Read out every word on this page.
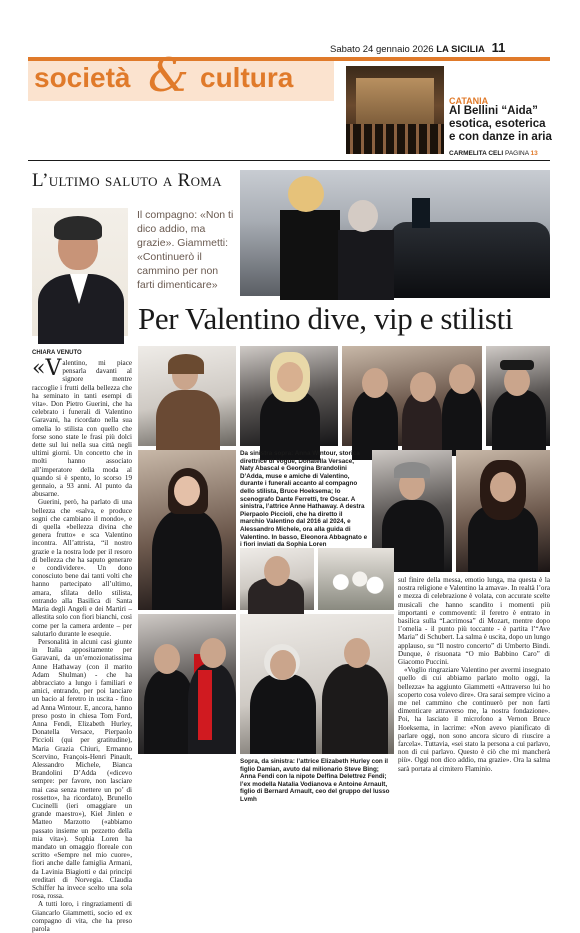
Sabato 24 gennaio 2026 LA SICILIA 11
società & cultura
CATANIA
Al Bellini “Aida” esotica, esoterica e con danze in aria
CARMELITA CELI PAGINA 13
L’ultimo saluto a Roma
Il compagno: «Non ti dico addio, ma grazie». Giammetti: «Continuerò il cammino per non farti dimenticare»
Per Valentino dive, vip e stilisti
CHIARA VENUTO

«Valentino, mi piace pensarla davanti al signore mentre raccoglie i frutti della bellezza che ha seminato in tanti esempi di vita». Don Pietro Guerini, che ha celebrato i funerali di Valentino Garavani, ha ricordato nella sua omelia lo stilista con quello che forse sono state le frasi più dolci dette sul lui nella sua città negli ultimi giorni. Un concetto che in molti hanno associato all’imperatore della moda al quando si è spento, lo scorso 19 gennaio, a 93 anni. Al punto da abusarne.

Guerini, però, ha parlato di una bellezza che «salva, e produce sogni che cambiano il mondo», e di quella «bellezza divina che genera frutto» e sca Valentino incontra. All’attrista, “il nostro grazie e la nostra lode per il resoro di bellezza che ha saputo generare e condividere». Un dono conosciuto bene dai tanti volti che hanno partecipato all’ultimo, amara, sfilata dello stilista, entrando alla Basilica di Santa Maria degli Angeli e dei Martiri – allestita solo con fiori bianchi, così come per la camera ardente – per salutarlo durante le esequie.

Personalità in alcuni casi giunte in Italia appositamente per Garavani, da un’emozionatissima Anne Hathaway (con il marito Adam Shulman) - che ha abbracciato a lungo i familiari e amici, entrando, per poi lanciare un bacio al feretro in uscita - fino ad Anna Wintour. E, ancora, hanno preso posto in chiesa Tom Ford, Anna Fendi, Elizabeth Hurley, Donatella Versace, Pierpaolo Piccioli (qui per gratitudine), Maria Grazia Chiuri, Ermanno Scervino, François-Henri Pinault, Alessandro Michele, Bianca Brandolini D’Adda («dicevo sempre: per favore, non lasciare mai casa senza mettere un po’ di rossetto», ha ricordato), Brunello Cucinelli (ieri omaggiare un grande maestro»), Kiel Jinlen e Matteo Marzotto («abbiamo passato insieme un pezzetto della mia vita»). Sophia Loren ha mandato un omaggio floreale con scritto «Sempre nel mio cuore», fiori anche dalle famiglia Armani, da Lavinia Biagiotti e dai principi ereditari di Norvegia. Claudia Schiffer ha invece scelto una sola rosa, rossa.

A tutti loro, i ringraziamenti di Giancarlo Giammetti, socio ed ex compagno di vita, che ha preso parola

Da sinistra sopra: Anna Wintour, storica direttrice di Vogue, Donatella Versace, Naty Abascal e Georgina Brandolini D’Adda, muse e amiche di Valentino, durante i funerali accanto al compagno dello stilista, Bruce Hoeksema; lo scenografo Dante Ferretti, tre Oscar. A sinistra, l’attrice Anne Hathaway. A destra Pierpaolo Piccioli, che ha diretto il marchio Valentino dal 2016 al 2024, e Alessandro Michele, ora alla guida di Valentino. In basso, Eleonora Abbagnato e i fiori inviati da Sophia Loren
Sopra, da sinistra: l’attrice Elizabeth Hurley con il figlio Damian, avuto dal milionario Steve Bing; Anna Fendi con la nipote Delfina Delettrez Fendi; l’ex modella Natalia Vodianova e Antoine Arnault, figlio di Bernard Arnault, ceo del gruppo del lusso Lvmh

sul finire della messa, emotio lunga, ma questa è la nostra religione e Valentino la amava». In realtà l’ora e mezza di celebrazione è volata, con accurate scelte musicali che hanno scandito i momenti più importanti e commoventi: il feretro è entrato in basilica sulla “Lacrimosa” di Mozart, mentre dopo l’omelia - il punto più toccante - è partita l’“Ave Maria” di Schubert. La salma è uscita, dopo un lungo applauso, su “Il nostro concerto” di Umberto Bindi. Dunque, è risuonata “O mio Babbino Caro” di Giacomo Puccini.

«Voglio ringraziare Valentino per avermi insegnato quello di cui abbiamo parlato molto oggi, la bellezza» ha aggiunto Giammetti «Attraverso lui ho scoperto cosa volevo dire». Ora sarai sempre vicino a me nel cammino che continuerò per non farti dimenticare attraverso me, la nostra fondazione». Poi, ha lasciato il microfono a Vernon Bruce Hoeksema, in lacrime: «Non avevo pianificato di parlare oggi, non sono ancora sicuro di riuscire a farcela». Tuttavia, «sei stato la persona a cui parlavo, non di cui parlavo. Questo è ciò che mi mancherà più». Oggi non dico addio, ma grazie». Ora la salma sarà portata al cimitero Flaminio.
